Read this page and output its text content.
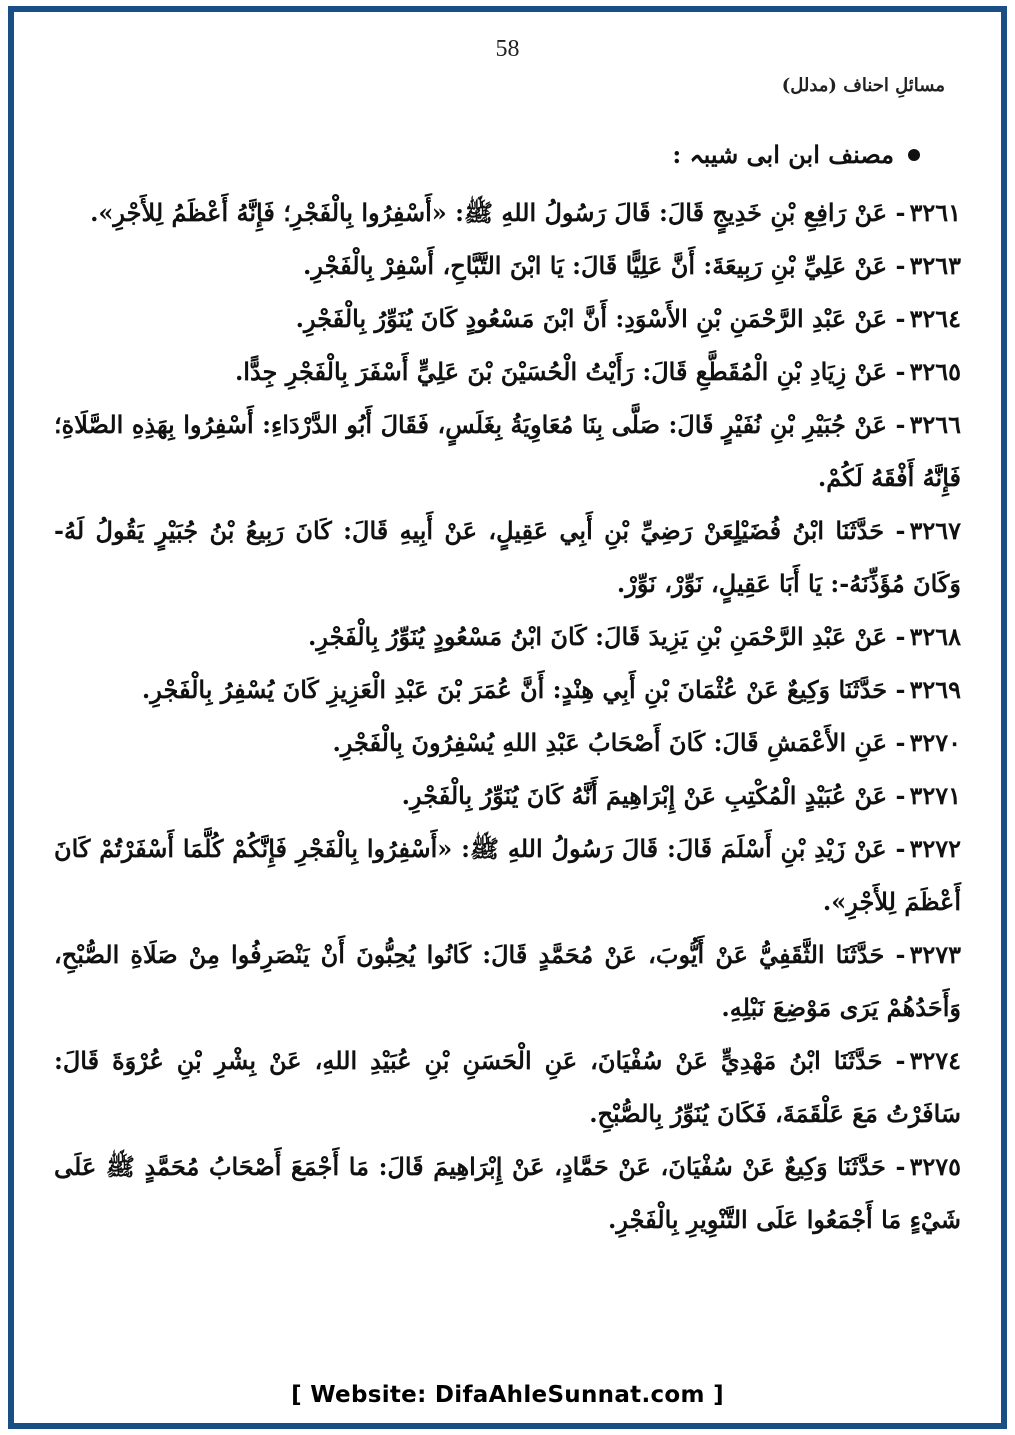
58
مسائلِ احناف (مدلل)
مصنف ابن ابی شیبہ :

٣٢٦١- عَنْ رَافِعِ بْنِ خَدِيجٍ قَالَ: قَالَ رَسُولُ اللهِ ﷺ: «أَسْفِرُوا بِالْفَجْرِ؛ فَإِنَّهُ أَعْظَمُ لِلأَجْرِ».

٣٢٦٣- عَنْ عَلِيِّ بْنِ رَبِيعَةَ: أَنَّ عَلِيًّا قَالَ: يَا ابْنَ التَّبَّاحِ، أَسْفِرْ بِالْفَجْرِ.

٣٢٦٤- عَنْ عَبْدِ الرَّحْمَنِ بْنِ الأَسْوَدِ: أَنَّ ابْنَ مَسْعُودٍ كَانَ يُنَوِّرُ بِالْفَجْرِ.

٣٢٦٥- عَنْ زِيَادِ بْنِ الْمُقَطَّعِ قَالَ: رَأَيْتُ الْحُسَيْنَ بْنَ عَلِيٍّ أَسْفَرَ بِالْفَجْرِ جِدًّا.

٣٢٦٦- عَنْ جُبَيْرِ بْنِ نُفَيْرٍ قَالَ: صَلَّى بِنَا مُعَاوِيَةُ بِغَلَسٍ، فَقَالَ أَبُو الدَّرْدَاءِ: أَسْفِرُوا بِهَذِهِ الصَّلَاةِ؛ فَإِنَّهُ أَفْقَهُ لَكُمْ.

٣٢٦٧- حَدَّثَنَا ابْنُ فُضَيْلٍعَنْ رَضِيِّ بْنِ أَبِي عَقِيلٍ، عَنْ أَبِيهِ قَالَ: كَانَ رَبِيعُ بْنُ جُبَيْرٍ يَقُولُ لَهُ- وَكَانَ مُؤَذِّنَهُ-: يَا أَبَا عَقِيلٍ، نَوِّرْ، نَوِّرْ.

٣٢٦٨- عَنْ عَبْدِ الرَّحْمَنِ بْنِ يَزِيدَ قَالَ: كَانَ ابْنُ مَسْعُودٍ يُنَوِّرُ بِالْفَجْرِ.

٣٢٦٩- حَدَّثَنَا وَكِيعٌ عَنْ عُثْمَانَ بْنِ أَبِي هِنْدٍ: أَنَّ عُمَرَ بْنَ عَبْدِ الْعَزِيزِ كَانَ يُسْفِرُ بِالْفَجْرِ.

٣٢٧٠- عَنِ الأَعْمَشِ قَالَ: كَانَ أَصْحَابُ عَبْدِ اللهِ يُسْفِرُونَ بِالْفَجْرِ.

٣٢٧١- عَنْ عُبَيْدٍ الْمُكْتِبِ عَنْ إِبْرَاهِيمَ أَنَّهُ كَانَ يُنَوِّرُ بِالْفَجْرِ.

٣٢٧٢- عَنْ زَيْدِ بْنِ أَسْلَمَ قَالَ: قَالَ رَسُولُ اللهِ ﷺ: «أَسْفِرُوا بِالْفَجْرِ فَإِنَّكُمْ كُلَّمَا أَسْفَرْتُمْ كَانَ أَعْظَمَ لِلأَجْرِ».

٣٢٧٣- حَدَّثَنَا الثَّقَفِيُّ عَنْ أَيُّوبَ، عَنْ مُحَمَّدٍ قَالَ: كَانُوا يُحِبُّونَ أَنْ يَنْصَرِفُوا مِنْ صَلَاةِ الصُّبْحِ، وَأَحَدُهُمْ يَرَى مَوْضِعَ نَبْلِهِ.

٣٢٧٤- حَدَّثَنَا ابْنُ مَهْدِيٍّ عَنْ سُفْيَانَ، عَنِ الْحَسَنِ بْنِ عُبَيْدِ اللهِ، عَنْ بِشْرِ بْنِ عُرْوَةَ قَالَ: سَافَرْتُ مَعَ عَلْقَمَةَ، فَكَانَ يُنَوِّرُ بِالصُّبْحِ.

٣٢٧٥- حَدَّثَنَا وَكِيعٌ عَنْ سُفْيَانَ، عَنْ حَمَّادٍ، عَنْ إِبْرَاهِيمَ قَالَ: مَا أَجْمَعَ أَصْحَابُ مُحَمَّدٍ ﷺ عَلَى شَيْءٍ مَا أَجْمَعُوا عَلَى التَّنْوِيرِ بِالْفَجْرِ.

[ Website: DifaAhleSunnat.com ]
